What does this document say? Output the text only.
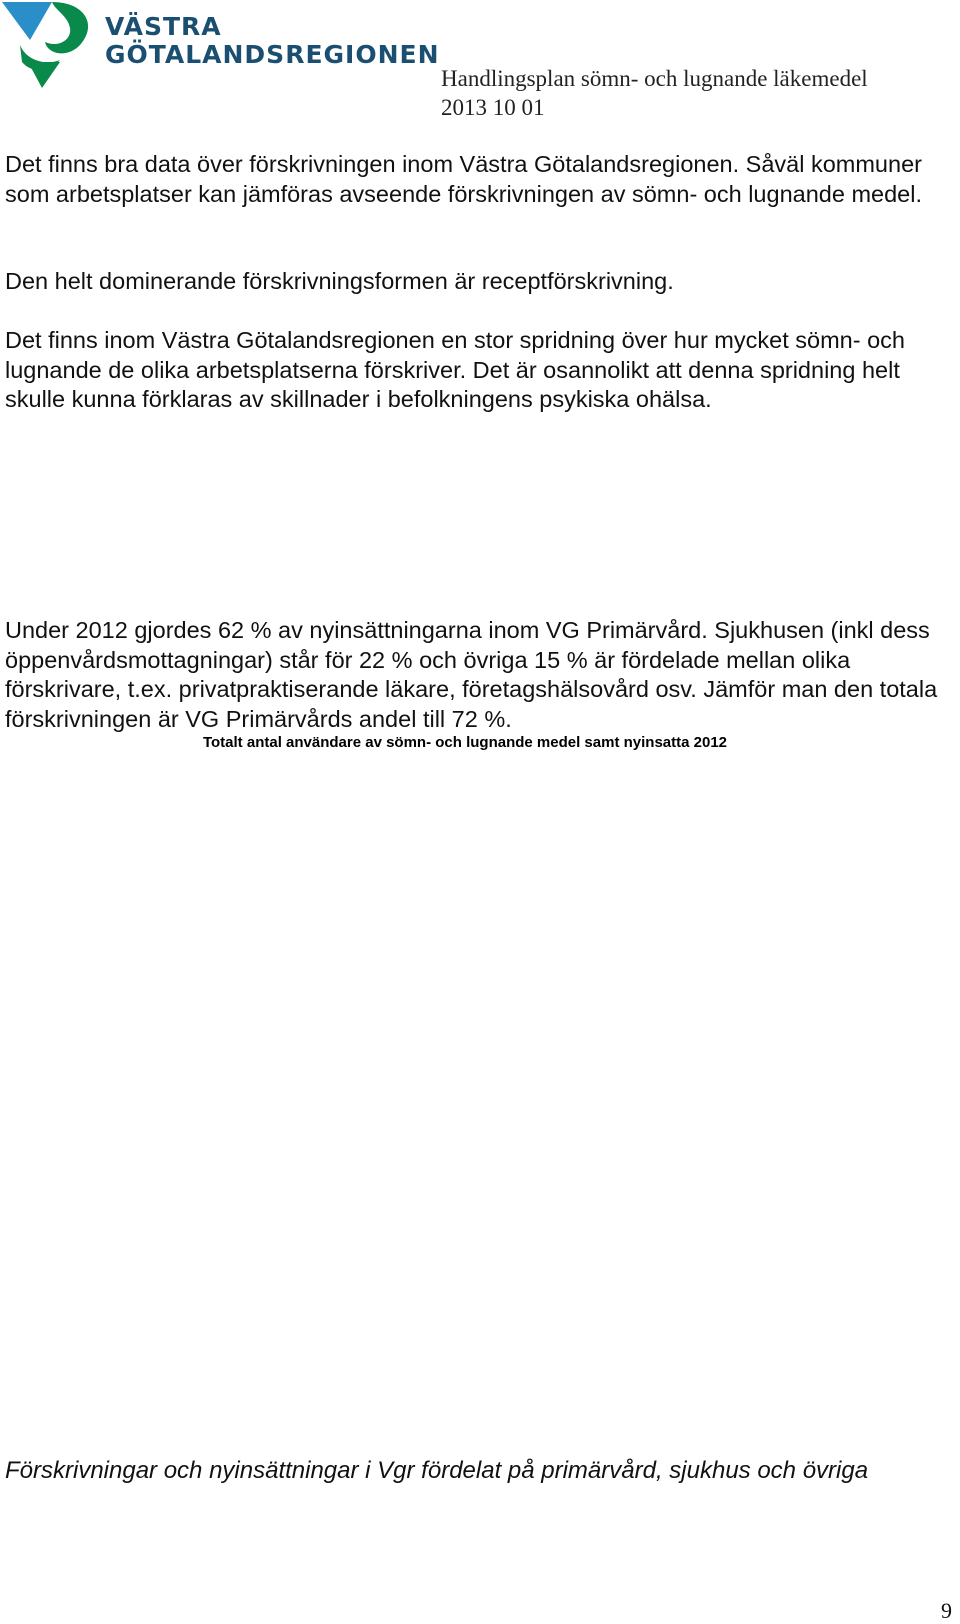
VÄSTRA
GÖTALANDSREGIONEN
Handlingsplan sömn- och lugnande läkemedel
2013 10 01

Det finns bra data över förskrivningen inom Västra Götalandsregionen. Såväl kommuner som arbetsplatser kan jämföras avseende förskrivningen av sömn- och lugnande medel.

Den helt dominerande förskrivningsformen är receptförskrivning.

Det finns inom Västra Götalandsregionen en stor spridning över hur mycket sömn- och lugnande de olika arbetsplatserna förskriver. Det är osannolikt att denna spridning helt skulle kunna förklaras av skillnader i befolkningens psykiska ohälsa.

Under 2012 gjordes 62 % av nyinsättningarna inom VG Primärvård. Sjukhusen (inkl dess öppenvårdsmottagningar) står för 22 % och övriga 15 % är fördelade mellan olika förskrivare, t.ex. privatpraktiserande läkare, företagshälsovård osv. Jämför man den totala förskrivningen är VG Primärvårds andel till 72 %.

Totalt antal användare av sömn- och lugnande medel samt nyinsatta 2012
Förskrivningar och nyinsättningar i Vgr fördelat på primärvård, sjukhus och övriga
9
